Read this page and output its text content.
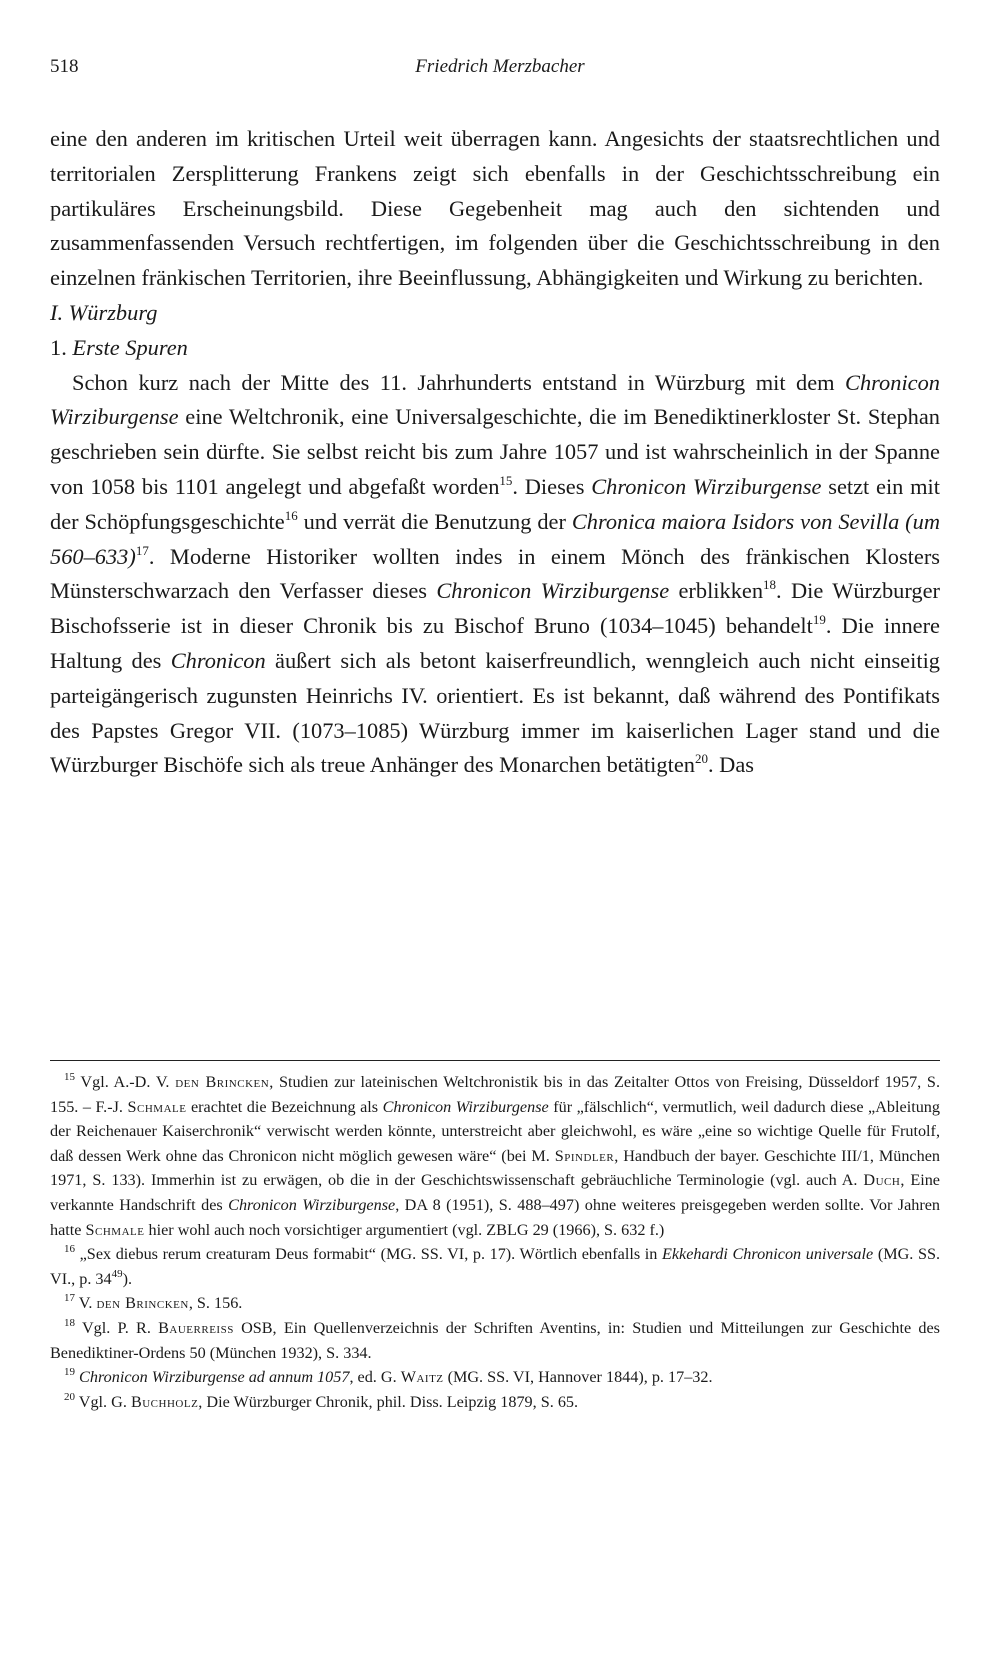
518	Friedrich Merzbacher

eine den anderen im kritischen Urteil weit überragen kann. Angesichts der staatsrechtlichen und territorialen Zersplitterung Frankens zeigt sich ebenfalls in der Geschichtsschreibung ein partikuläres Erscheinungsbild. Diese Gegebenheit mag auch den sichtenden und zusammenfassenden Versuch rechtfertigen, im folgenden über die Geschichtsschreibung in den einzelnen fränkischen Territorien, ihre Beeinflussung, Abhängigkeiten und Wirkung zu berichten.

I. Würzburg

1. Erste Spuren

Schon kurz nach der Mitte des 11. Jahrhunderts entstand in Würzburg mit dem Chronicon Wirziburgense eine Weltchronik, eine Universalgeschichte, die im Benediktinerkloster St. Stephan geschrieben sein dürfte. Sie selbst reicht bis zum Jahre 1057 und ist wahrscheinlich in der Spanne von 1058 bis 1101 angelegt und abgefaßt worden$^{15}$. Dieses Chronicon Wirziburgense setzt ein mit der Schöpfungsgeschichte$^{16}$ und verrät die Benutzung der Chronica maiora Isidors von Sevilla (um 560–633)$^{17}$. Moderne Historiker wollten indes in einem Mönch des fränkischen Klosters Münsterschwarzach den Verfasser dieses Chronicon Wirziburgense erblikken$^{18}$. Die Würzburger Bischofsserie ist in dieser Chronik bis zu Bischof Bruno (1034–1045) behandelt$^{19}$. Die innere Haltung des Chronicon äußert sich als betont kaiserfreundlich, wenngleich auch nicht einseitig parteigängerisch zugunsten Heinrichs IV. orientiert. Es ist bekannt, daß während des Pontifikats des Papstes Gregor VII. (1073–1085) Würzburg immer im kaiserlichen Lager stand und die Würzburger Bischöfe sich als treue Anhänger des Monarchen betätigten$^{20}$. Das

$^{15}$ Vgl. A.-D. V. den Brincken, Studien zur lateinischen Weltchronistik bis in das Zeitalter Ottos von Freising, Düsseldorf 1957, S. 155. – F.-J. Schmale erachtet die Bezeichnung als Chronicon Wirziburgense für „fälschlich“, vermutlich, weil dadurch diese „Ableitung der Reichenauer Kaiserchronik“ verwischt werden könnte, unterstreicht aber gleichwohl, es wäre „eine so wichtige Quelle für Frutolf, daß dessen Werk ohne das Chronicon nicht möglich gewesen wäre“ (bei M. Spindler, Handbuch der bayer. Geschichte III/1, München 1971, S. 133). Immerhin ist zu erwägen, ob die in der Geschichtswissenschaft gebräuchliche Terminologie (vgl. auch A. Duch, Eine verkannte Handschrift des Chronicon Wirziburgense, DA 8 (1951), S. 488–497) ohne weiteres preisgegeben werden sollte. Vor Jahren hatte Schmale hier wohl auch noch vorsichtiger argumentiert (vgl. ZBLG 29 (1966), S. 632 f.)

$^{16}$ „Sex diebus rerum creaturam Deus formabit“ (MG. SS. VI, p. 17). Wörtlich ebenfalls in Ekkehardi Chronicon universale (MG. SS. VI., p. $34^{49}$).

$^{17}$ V. den Brincken, S. 156.

$^{18}$ Vgl. P. R. Bauerreiss OSB, Ein Quellenverzeichnis der Schriften Aventins, in: Studien und Mitteilungen zur Geschichte des Benediktiner-Ordens 50 (München 1932), S. 334.

$^{19}$ Chronicon Wirziburgense ad annum 1057, ed. G. Waitz (MG. SS. VI, Hannover 1844), p. 17–32.

$^{20}$ Vgl. G. Buchholz, Die Würzburger Chronik, phil. Diss. Leipzig 1879, S. 65.
